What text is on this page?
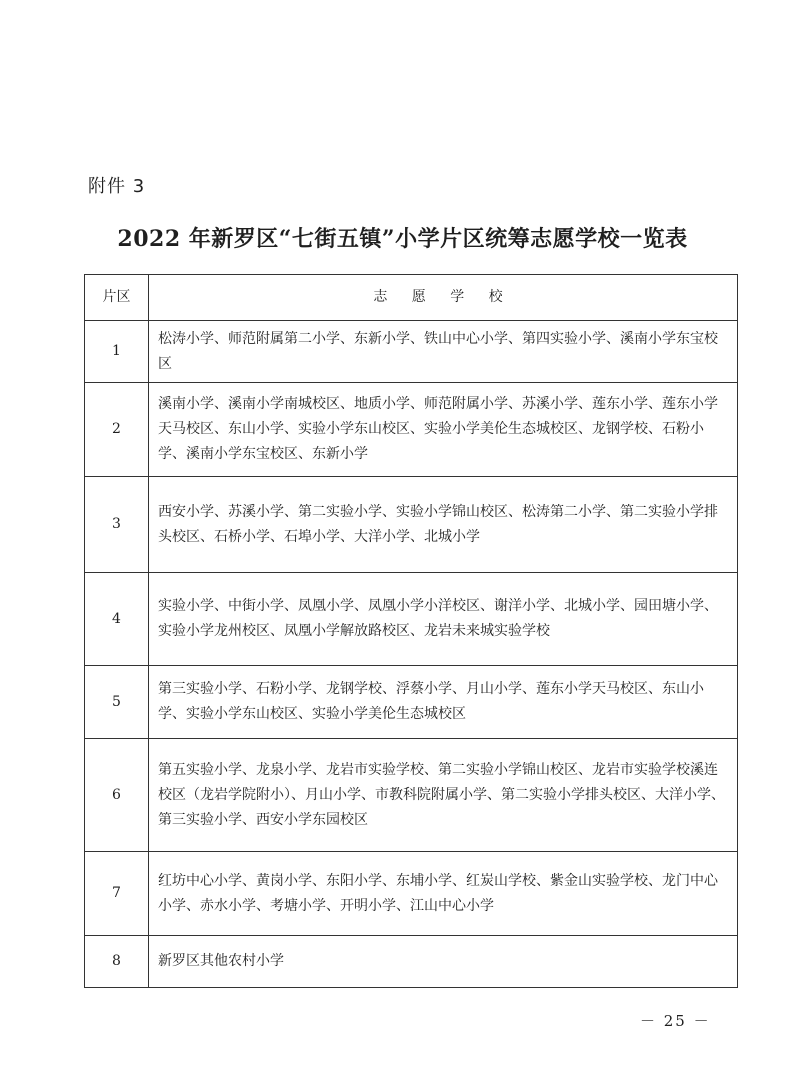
附件 3
2022 年新罗区“七街五镇”小学片区统筹志愿学校一览表
片区	志 愿 学 校
1	松涛小学、师范附属第二小学、东新小学、铁山中心小学、第四实验小学、溪南小学东宝校区
2	溪南小学、溪南小学南城校区、地质小学、师范附属小学、苏溪小学、莲东小学、莲东小学天马校区、东山小学、实验小学东山校区、实验小学美伦生态城校区、龙钢学校、石粉小学、溪南小学东宝校区、东新小学
3	西安小学、苏溪小学、第二实验小学、实验小学锦山校区、松涛第二小学、第二实验小学排头校区、石桥小学、石埠小学、大洋小学、北城小学
4	实验小学、中街小学、凤凰小学、凤凰小学小洋校区、谢洋小学、北城小学、园田塘小学、实验小学龙州校区、凤凰小学解放路校区、龙岩未来城实验学校
5	第三实验小学、石粉小学、龙钢学校、浮蔡小学、月山小学、莲东小学天马校区、东山小学、实验小学东山校区、实验小学美伦生态城校区
6	第五实验小学、龙泉小学、龙岩市实验学校、第二实验小学锦山校区、龙岩市实验学校溪连校区（龙岩学院附小）、月山小学、市教科院附属小学、第二实验小学排头校区、大洋小学、第三实验小学、西安小学东园校区
7	红坊中心小学、黄岗小学、东阳小学、东埔小学、红炭山学校、紫金山实验学校、龙门中心小学、赤水小学、考塘小学、开明小学、江山中心小学
8	新罗区其他农村小学
－ 25 －
